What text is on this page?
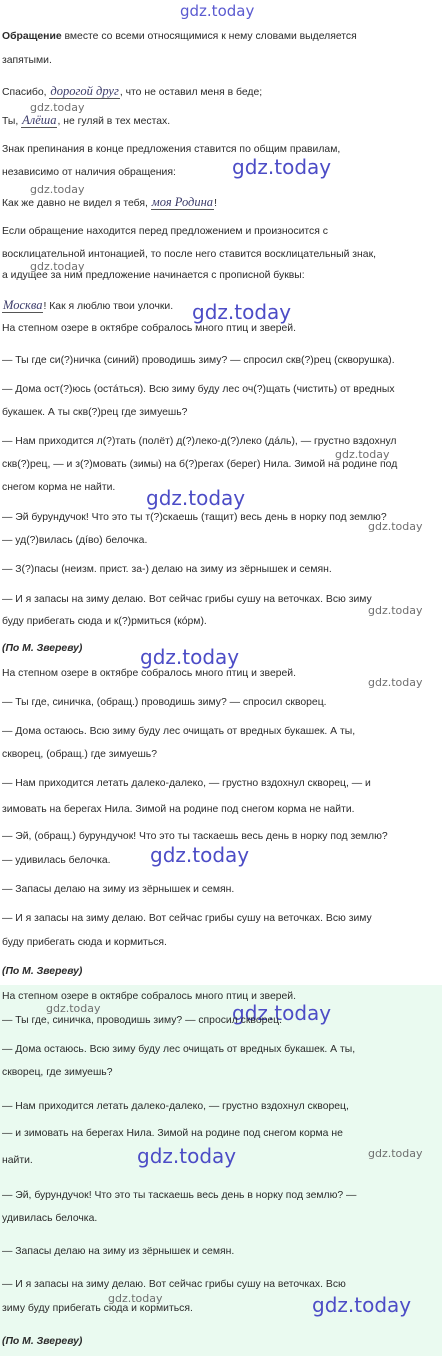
gdz.today
Обращение вместе со всеми относящимися к нему словами выделяется
запятыми.
Спасибо, дорогой друг, что не оставил меня в беде;
gdz.today
Ты, Алёша, не гуляй в тех местах.
Знак препинания в конце предложения ставится по общим правилам,
независимо от наличия обращения:	gdz.today
gdz.today
Как же давно не видел я тебя, моя Родина!
Если обращение находится перед предложением и произносится с
восклицательной интонацией, то после него ставится восклицательный знак,
а идущее за ним предложение начинается с прописной буквы:
gdz.today
Москва! Как я люблю твои улочки. gdz.today
На степном озере в октябре собралось много птиц и зверей.
— Ты где си(?)ничка (синий) проводишь зиму? — спросил скв(?)рец (скворушка).
— Дома ост(?)юсь (остáться). Всю зиму буду лес оч(?)щать (чистить) от вредных
букашек. А ты скв(?)рец где зимуешь?
— Нам приходится л(?)тать (полёт) д(?)леко-д(?)леко (дáль), — грустно вздохнул
gdz.today
скв(?)рец, — и з(?)мовать (зимы) на б(?)регах (берег) Нила. Зимой на родине под
снегом корма не найти. gdz.today
— Эй бурундучок! Что это ты т(?)скаешь (тащит) весь день в норку под землю?
gdz.today
— уд(?)вилась (дíво) белочка.
— З(?)пасы (неизм. прист. за-) делаю на зиму из зёрнышек и семян.
— И я запасы на зиму делаю. Вот сейчас грибы сушу на веточках. Всю зиму
gdz.today
буду прибегать сюда и к(?)рмиться (кóрм).
(По М. Звереву)	gdz.today
На степном озере в октябре собралось много птиц и зверей.
gdz.today
— Ты где, синичка, (обращ.) проводишь зиму? — спросил скворец.
— Дома остаюсь. Всю зиму буду лес очищать от вредных букашек. А ты,
скворец, (обращ.) где зимуешь?
— Нам приходится летать далеко-далеко, — грустно вздохнул скворец, — и
зимовать на берегах Нила. Зимой на родине под снегом корма не найти.
— Эй, (обращ.) бурундучок! Что это ты таскаешь весь день в норку под землю?
gdz.today
— удивилась белочка.
— Запасы делаю на зиму из зёрнышек и семян.
— И я запасы на зиму делаю. Вот сейчас грибы сушу на веточках. Всю зиму
буду прибегать сюда и кормиться.
(По М. Звереву)
На степном озере в октябре собралось много птиц и зверей.
gdz.today	gdz.today
— Ты где, синичка, проводишь зиму? — спросил скворец.
— Дома остаюсь. Всю зиму буду лес очищать от вредных букашек. А ты,
скворец, где зимуешь?
— Нам приходится летать далеко-далеко, — грустно вздохнул скворец,
— и зимовать на берегах Нила. Зимой на родине под снегом корма не
gdz.today
найти.	gdz.today
— Эй, бурундучок! Что это ты таскаешь весь день в норку под землю? —
удивилась белочка.
— Запасы делаю на зиму из зёрнышек и семян.
— И я запасы на зиму делаю. Вот сейчас грибы сушу на веточках. Всю
gdz.today	gdz.today
зиму буду прибегать сюда и кормиться.
(По М. Звереву)
